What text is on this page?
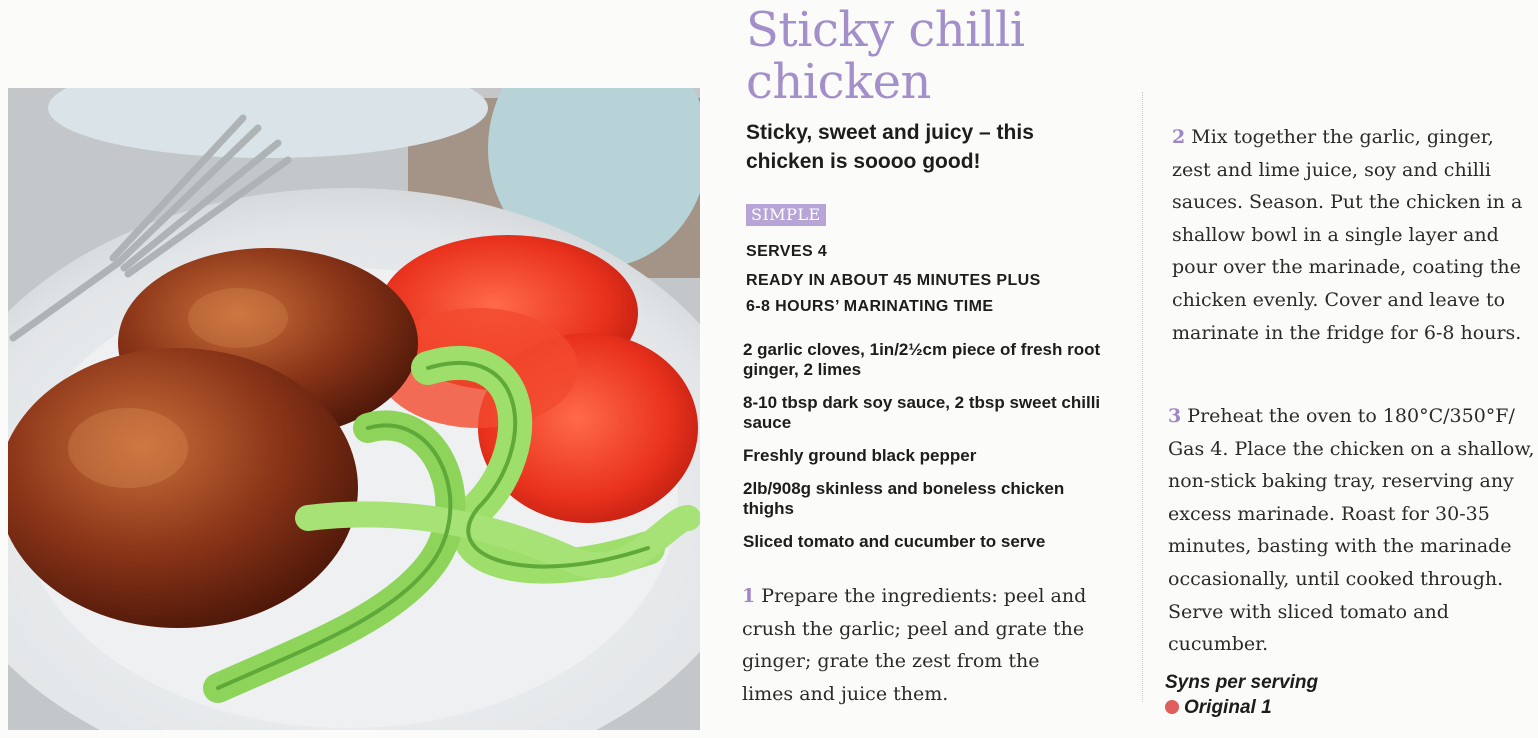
Sticky chilli
chicken
Sticky, sweet and juicy – this chicken is soooo good!
SIMPLE
SERVES 4
READY IN ABOUT 45 MINUTES PLUS
6-8 HOURS’ MARINATING TIME
2 garlic cloves, 1in/2½cm piece of fresh root ginger, 2 limes
8-10 tbsp dark soy sauce, 2 tbsp sweet chilli sauce
Freshly ground black pepper
2lb/908g skinless and boneless chicken thighs
Sliced tomato and cucumber to serve

1 Prepare the ingredients: peel and crush the garlic; peel and grate the ginger; grate the zest from the limes and juice them.

2 Mix together the garlic, ginger, zest and lime juice, soy and chilli sauces. Season. Put the chicken in a shallow bowl in a single layer and pour over the marinade, coating the chicken evenly. Cover and leave to marinate in the fridge for 6-8 hours.

3 Preheat the oven to 180°C/350°F/ Gas 4. Place the chicken on a shallow, non-stick baking tray, reserving any excess marinade. Roast for 30-35 minutes, basting with the marinade occasionally, until cooked through. Serve with sliced tomato and cucumber.

Syns per serving
Original 1
